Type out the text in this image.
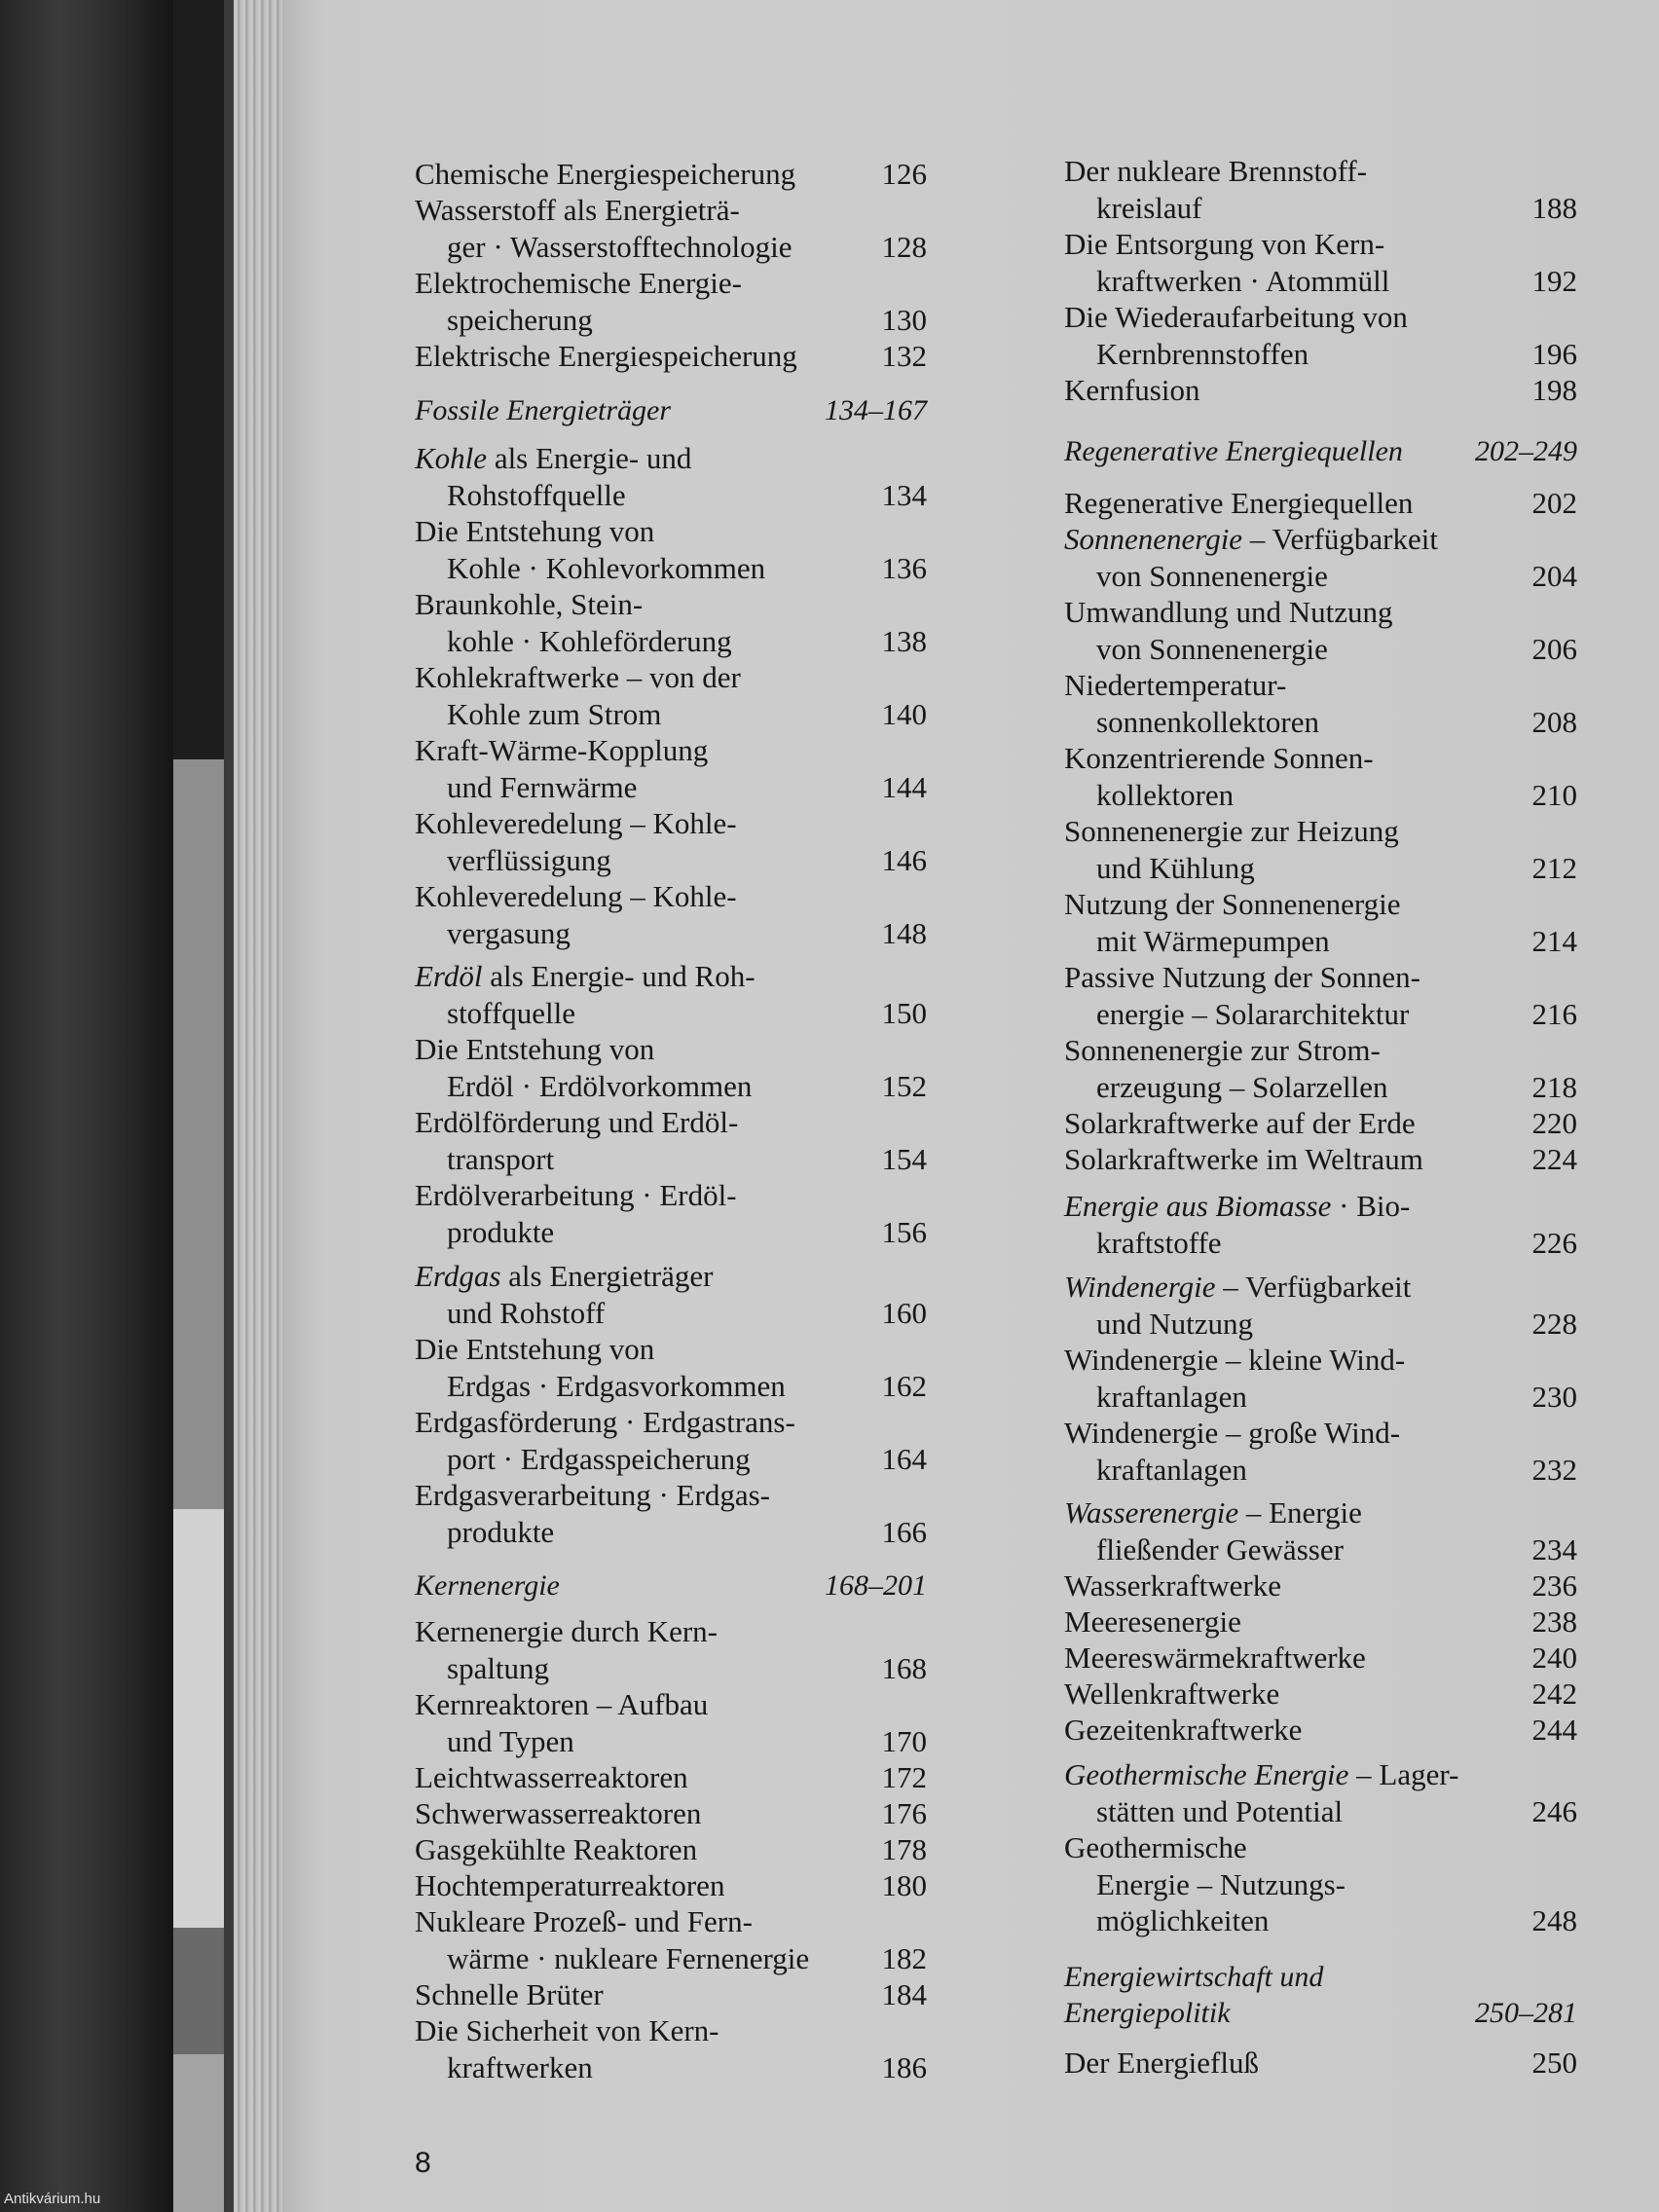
Chemische Energiespeicherung	126
Wasserstoff als Energieträ-
ger · Wasserstofftechnologie	128
Elektrochemische Energie-
speicherung	130
Elektrische Energiespeicherung	132
Fossile Energieträger	134–167
Kohle als Energie- und
Rohstoffquelle	134
Die Entstehung von
Kohle · Kohlevorkommen	136
Braunkohle, Stein-
kohle · Kohleförderung	138
Kohlekraftwerke – von der
Kohle zum Strom	140
Kraft-Wärme-Kopplung
und Fernwärme	144
Kohleveredelung – Kohle-
verflüssigung	146
Kohleveredelung – Kohle-
vergasung	148
Erdöl als Energie- und Roh-
stoffquelle	150
Die Entstehung von
Erdöl · Erdölvorkommen	152
Erdölförderung und Erdöl-
transport	154
Erdölverarbeitung · Erdöl-
produkte	156
Erdgas als Energieträger
und Rohstoff	160
Die Entstehung von
Erdgas · Erdgasvorkommen	162
Erdgasförderung · Erdgastrans-
port · Erdgasspeicherung	164
Erdgasverarbeitung · Erdgas-
produkte	166
Kernenergie	168–201
Kernenergie durch Kern-
spaltung	168
Kernreaktoren – Aufbau
und Typen	170
Leichtwasserreaktoren	172
Schwerwasserreaktoren	176
Gasgekühlte Reaktoren	178
Hochtemperaturreaktoren	180
Nukleare Prozeß- und Fern-
wärme · nukleare Fernenergie	182
Schnelle Brüter	184
Die Sicherheit von Kern-
kraftwerken	186
Der nukleare Brennstoff-
kreislauf	188
Die Entsorgung von Kern-
kraftwerken · Atommüll	192
Die Wiederaufarbeitung von
Kernbrennstoffen	196
Kernfusion	198
Regenerative Energiequellen	202–249
Regenerative Energiequellen	202
Sonnenenergie – Verfügbarkeit
von Sonnenenergie	204
Umwandlung und Nutzung
von Sonnenenergie	206
Niedertemperatur-
sonnenkollektoren	208
Konzentrierende Sonnen-
kollektoren	210
Sonnenenergie zur Heizung
und Kühlung	212
Nutzung der Sonnenenergie
mit Wärmepumpen	214
Passive Nutzung der Sonnen-
energie – Solararchitektur	216
Sonnenenergie zur Strom-
erzeugung – Solarzellen	218
Solarkraftwerke auf der Erde	220
Solarkraftwerke im Weltraum	224
Energie aus Biomasse · Bio-
kraftstoffe	226
Windenergie – Verfügbarkeit
und Nutzung	228
Windenergie – kleine Wind-
kraftanlagen	230
Windenergie – große Wind-
kraftanlagen	232
Wasserenergie – Energie
fließender Gewässer	234
Wasserkraftwerke	236
Meeresenergie	238
Meereswärmekraftwerke	240
Wellenkraftwerke	242
Gezeitenkraftwerke	244
Geothermische Energie – Lager-
stätten und Potential	246
Geothermische
Energie – Nutzungs-
möglichkeiten	248
Energiewirtschaft und
Energiepolitik	250–281
Der Energiefluß	250
8
Antikvárium.hu
